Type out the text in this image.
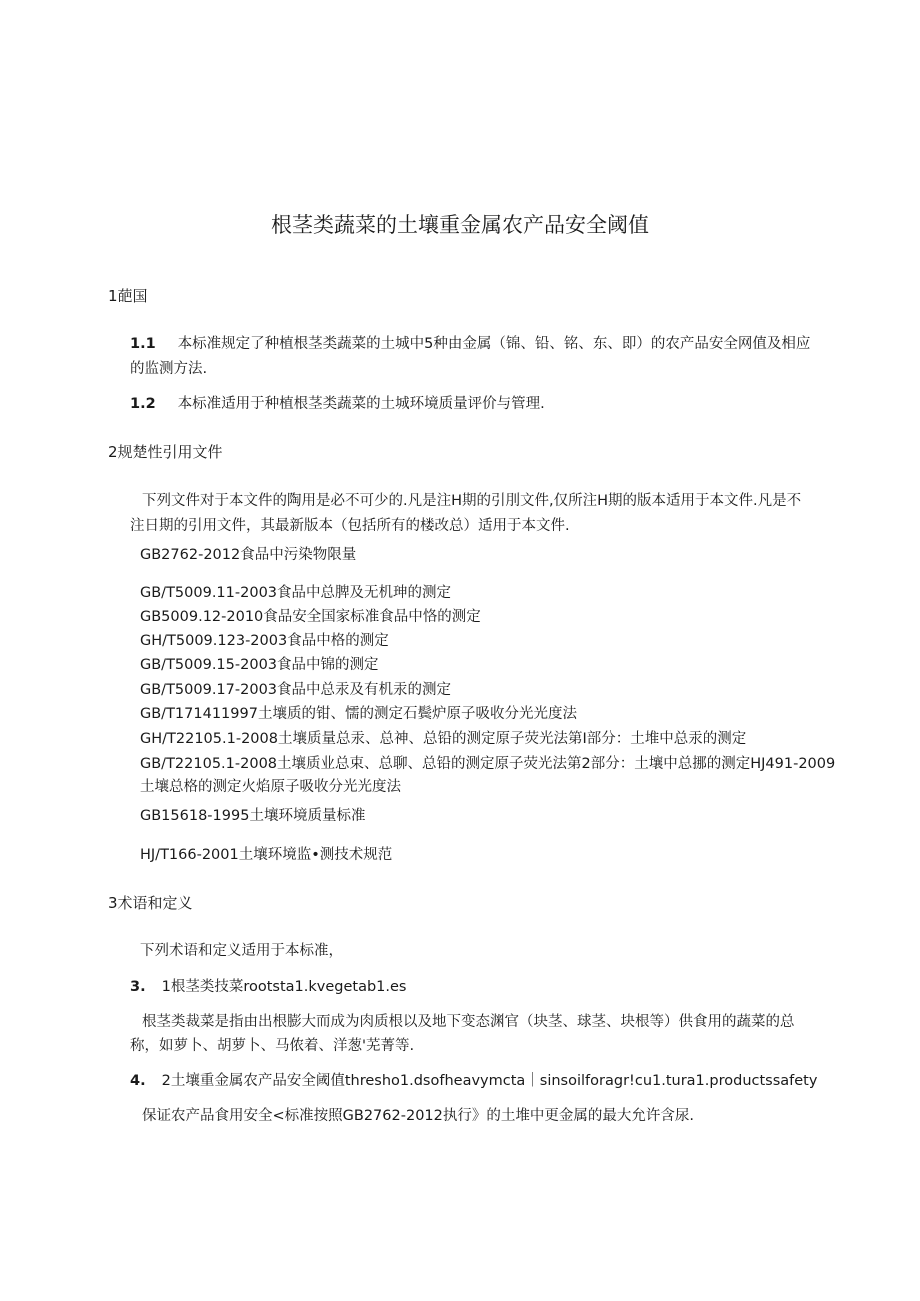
根茎类蔬菜的土壤重金属农产品安全阈值
1葩国
1.1 本标准规定了种植根茎类蔬菜的土城中5种由金属（锦、铅、铭、东、即）的农产品安全网值及相应
的监测方法.
1.2 本标准适用于种植根茎类蔬菜的土城环境质量评价与管理.
2规楚性引用文件
下列文件对于本文件的陶用是必不可少的.凡是注H期的引刖文件,仅所注H期的版本适用于本文件.凡是不
注日期的引用文件，其最新版本（包括所有的楼改总）适用于本文件.
GB2762-2012食品中污染物限量
GB/T5009.11-2003食品中总脾及无机珅的测定
GB5009.12-2010食品安全国家标准食品中恪的测定
GH/T5009.123-2003食品中格的测定
GB/T5009.15-2003食品中锦的测定
GB/T5009.17-2003食品中总汞及有机汞的测定
GB/T171411997土壤质的钳、懦的测定石鬓炉原子吸收分光光度法
GH/T22105.1-2008土壤质量总汞、总神、总铅的测定原子荧光法第I部分：土堆中总汞的测定
GB/T22105.1-2008土壤质业总束、总聊、总铅的测定原子荧光法第2部分：土壤中总挪的测定HJ491-2009
土壤总格的测定火焰原子吸收分光光度法
GB15618-1995土壤环境质量标准
HJ/T166-2001土壤环境监•测技术规范
3术语和定义
下列术语和定义适用于本标准，
3. 1根茎类技菜rootsta1.kvegetab1.es
根茎类裁菜是指由出根膨大而成为肉质根以及地下变态渊官（块茎、球茎、块根等）供食用的蔬菜的总
称，如萝卜、胡萝卜、马侬着、洋葱'芜菁等.
4. 2土壤重金属农产品安全阈值thresho1.dsofheavymcta｜sinsoilforagr!cu1.tura1.productssafety
保证农产品食用安全<标准按照GB2762-2012执行》的土堆中更金属的最大允许含尿.
